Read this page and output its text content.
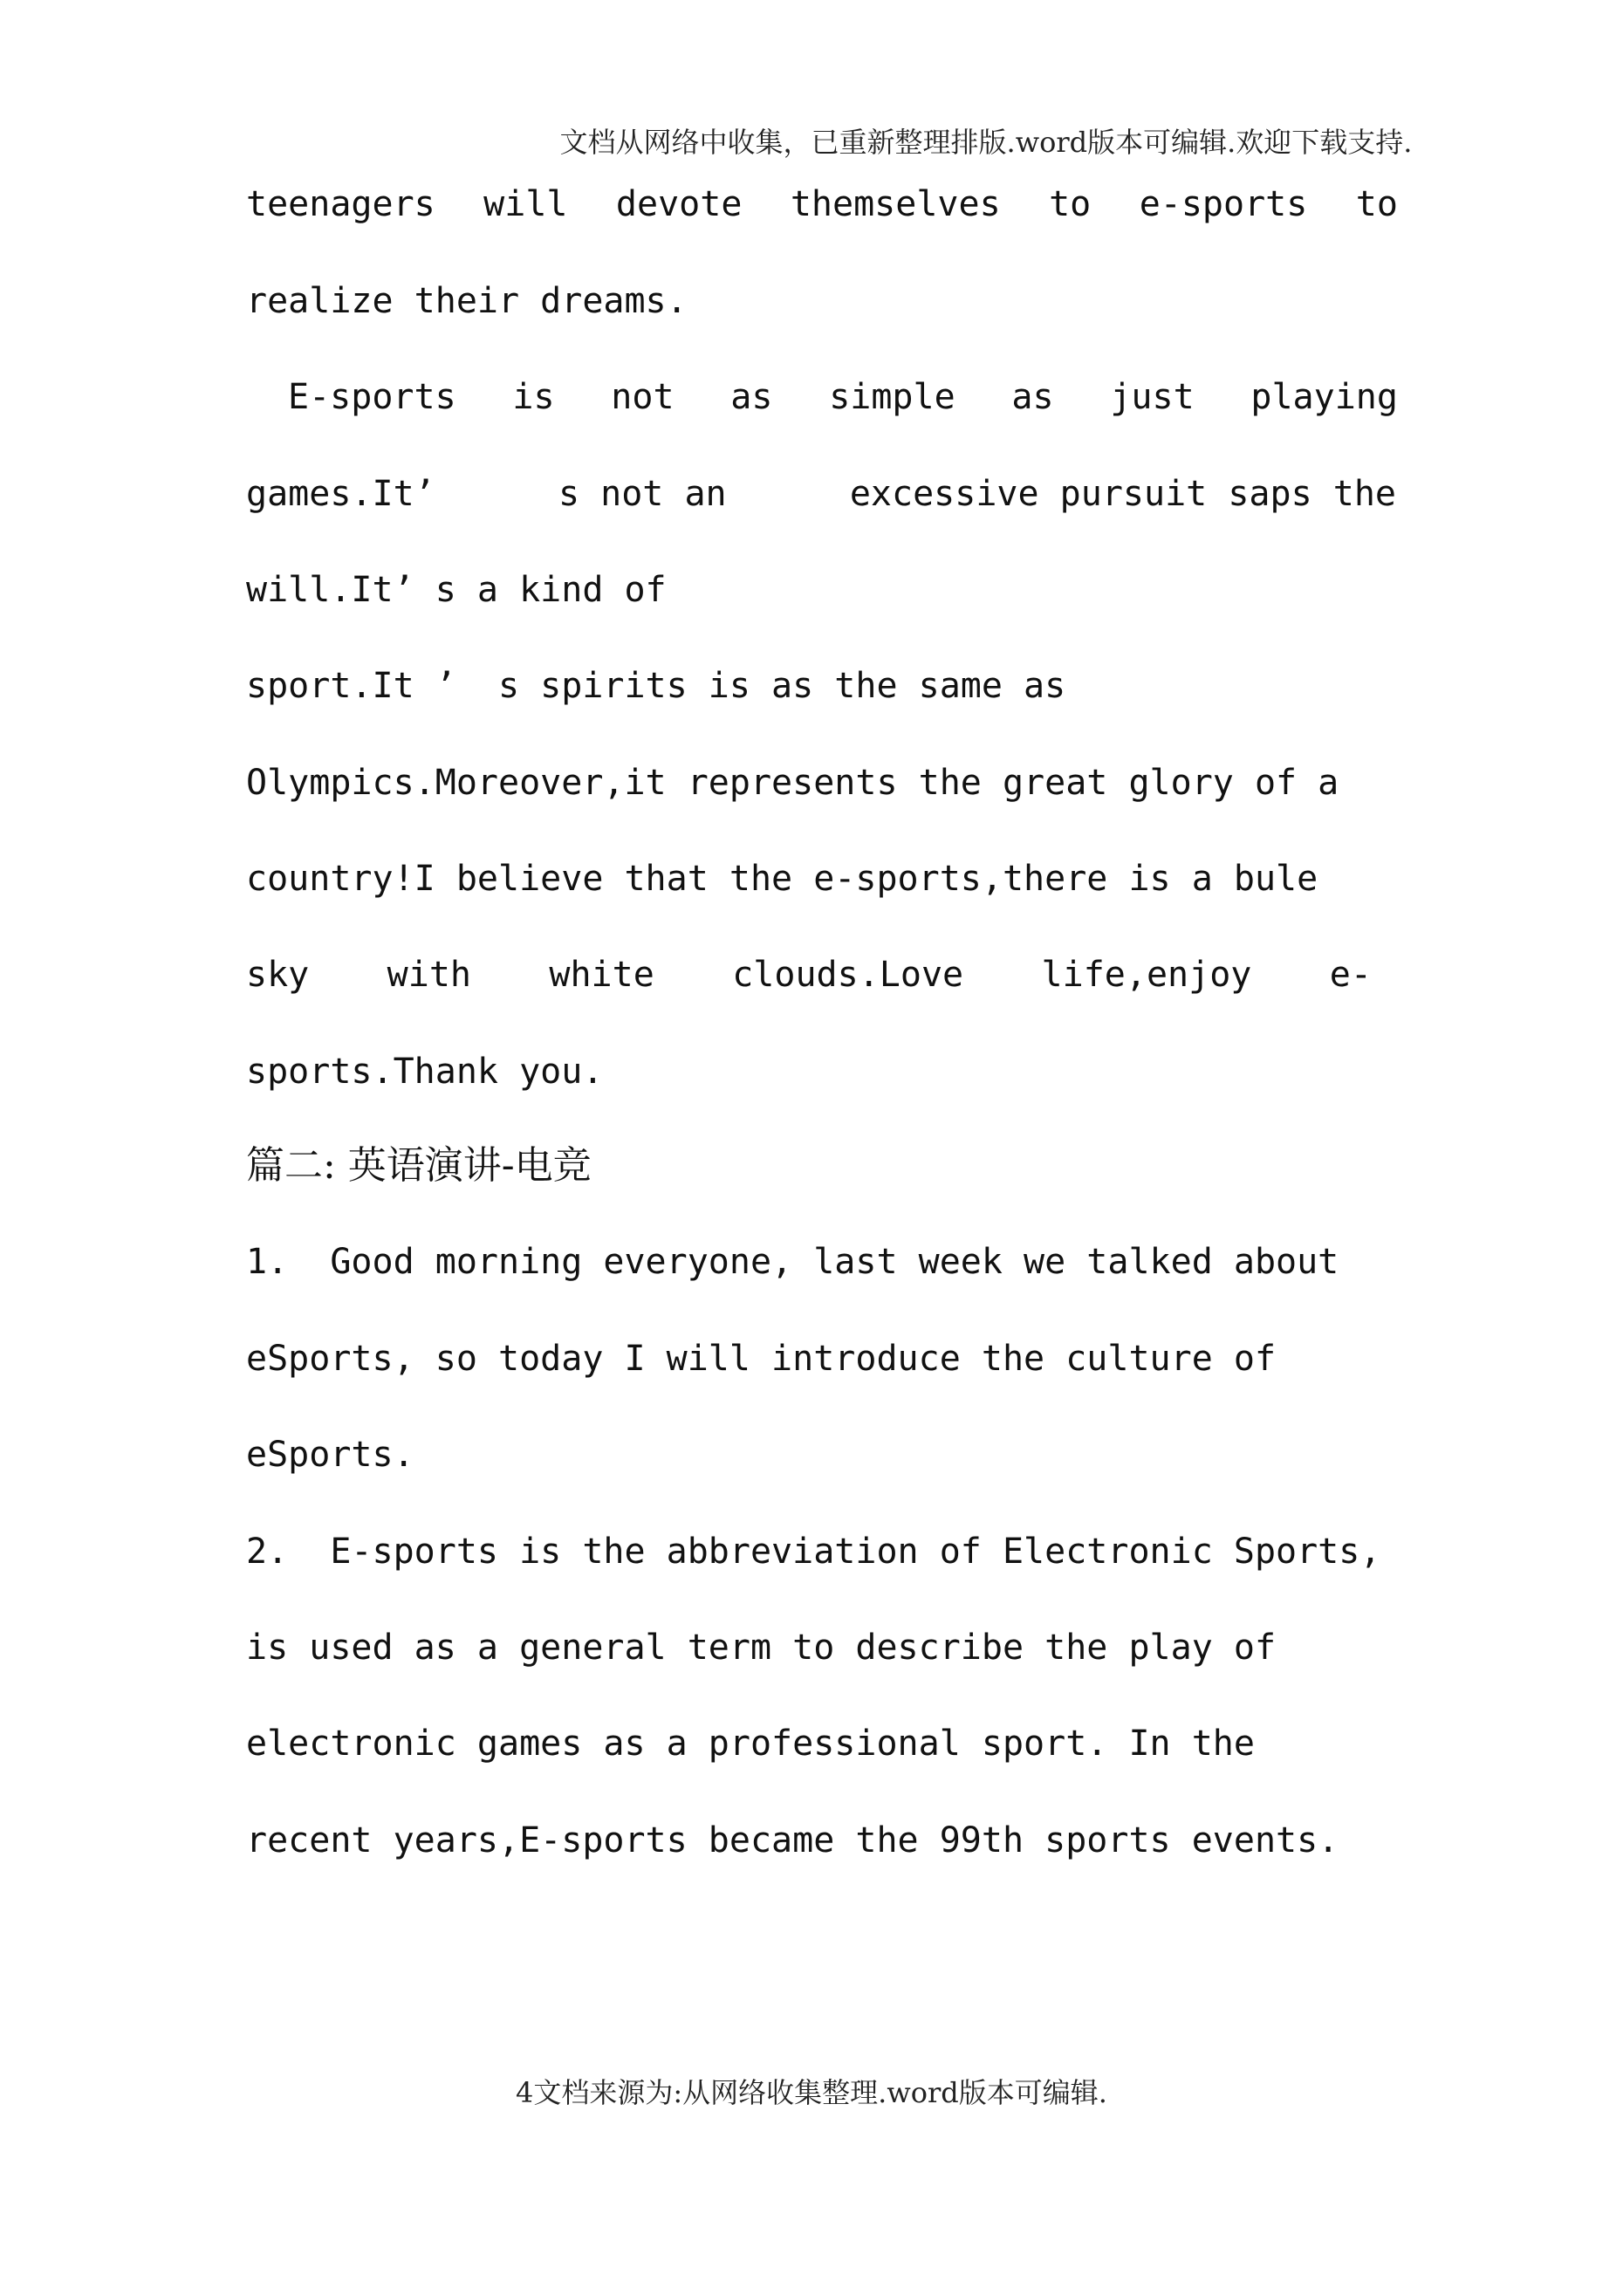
文档从网络中收集，已重新整理排版.word版本可编辑.欢迎下载支持.
teenagers will devote themselves to e-sports to
realize their dreams.
E-sports is not as simple as just playing
games.It’	s not an	excessive pursuit saps the
will.It’ s a kind of
sport.It ’  s spirits is as the same as
Olympics.Moreover,it represents the great glory of a
country!I believe that the e-sports,there is a bule
sky with white clouds.Love life,enjoy e-
sports.Thank you.
篇二: 英语演讲-电竞
1.  Good morning everyone, last week we talked about
eSports, so today I will introduce the culture of
eSports.
2.  E-sports is the abbreviation of Electronic Sports,
is used as a general term to describe the play of
electronic games as a professional sport. In the
recent years,E-sports became the 99th sports events.
4文档来源为:从网络收集整理.word版本可编辑.
